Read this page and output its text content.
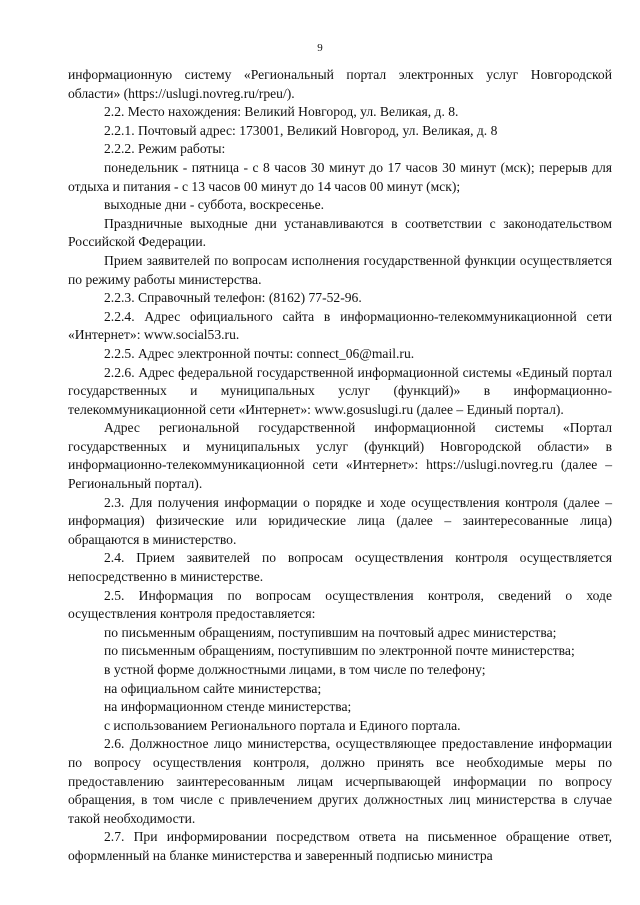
9

информационную систему «Региональный портал электронных услуг Новгородской области» (https://uslugi.novreg.ru/rpeu/).

2.2. Место нахождения: Великий Новгород, ул. Великая, д. 8.

2.2.1. Почтовый адрес: 173001, Великий Новгород, ул. Великая, д. 8

2.2.2. Режим работы:

понедельник - пятница - с 8 часов 30 минут до 17 часов 30 минут (мск); перерыв для отдыха и питания - с 13 часов 00 минут до 14 часов 00 минут (мск);

выходные дни - суббота, воскресенье.

Праздничные выходные дни устанавливаются в соответствии с законодательством Российской Федерации.

Прием заявителей по вопросам исполнения государственной функции осуществляется по режиму работы министерства.

2.2.3. Справочный телефон: (8162) 77-52-96.

2.2.4. Адрес официального сайта в информационно-телекоммуникационной сети «Интернет»: www.social53.ru.

2.2.5. Адрес электронной почты: connect_06@mail.ru.

2.2.6. Адрес федеральной государственной информационной системы «Единый портал государственных и муниципальных услуг (функций)» в информационно-телекоммуникационной сети «Интернет»: www.gosuslugi.ru (далее – Единый портал).

Адрес региональной государственной информационной системы «Портал государственных и муниципальных услуг (функций) Новгородской области» в информационно-телекоммуникационной сети «Интернет»: https://uslugi.novreg.ru (далее – Региональный портал).

2.3. Для получения информации о порядке и ходе осуществления контроля (далее – информация) физические или юридические лица (далее – заинтересованные лица) обращаются в министерство.

2.4. Прием заявителей по вопросам осуществления контроля осуществляется непосредственно в министерстве.

2.5. Информация по вопросам осуществления контроля, сведений о ходе осуществления контроля предоставляется:

по письменным обращениям, поступившим на почтовый адрес министерства;

по письменным обращениям, поступившим по электронной почте министерства;

в устной форме должностными лицами, в том числе по телефону;

на официальном сайте министерства;

на информационном стенде министерства;

с использованием Регионального портала и Единого портала.

2.6. Должностное лицо министерства, осуществляющее предоставление информации по вопросу осуществления контроля, должно принять все необходимые меры по предоставлению заинтересованным лицам исчерпывающей информации по вопросу обращения, в том числе с привлечением других должностных лиц министерства в случае такой необходимости.

2.7. При информировании посредством ответа на письменное обращение ответ, оформленный на бланке министерства и заверенный подписью министра
